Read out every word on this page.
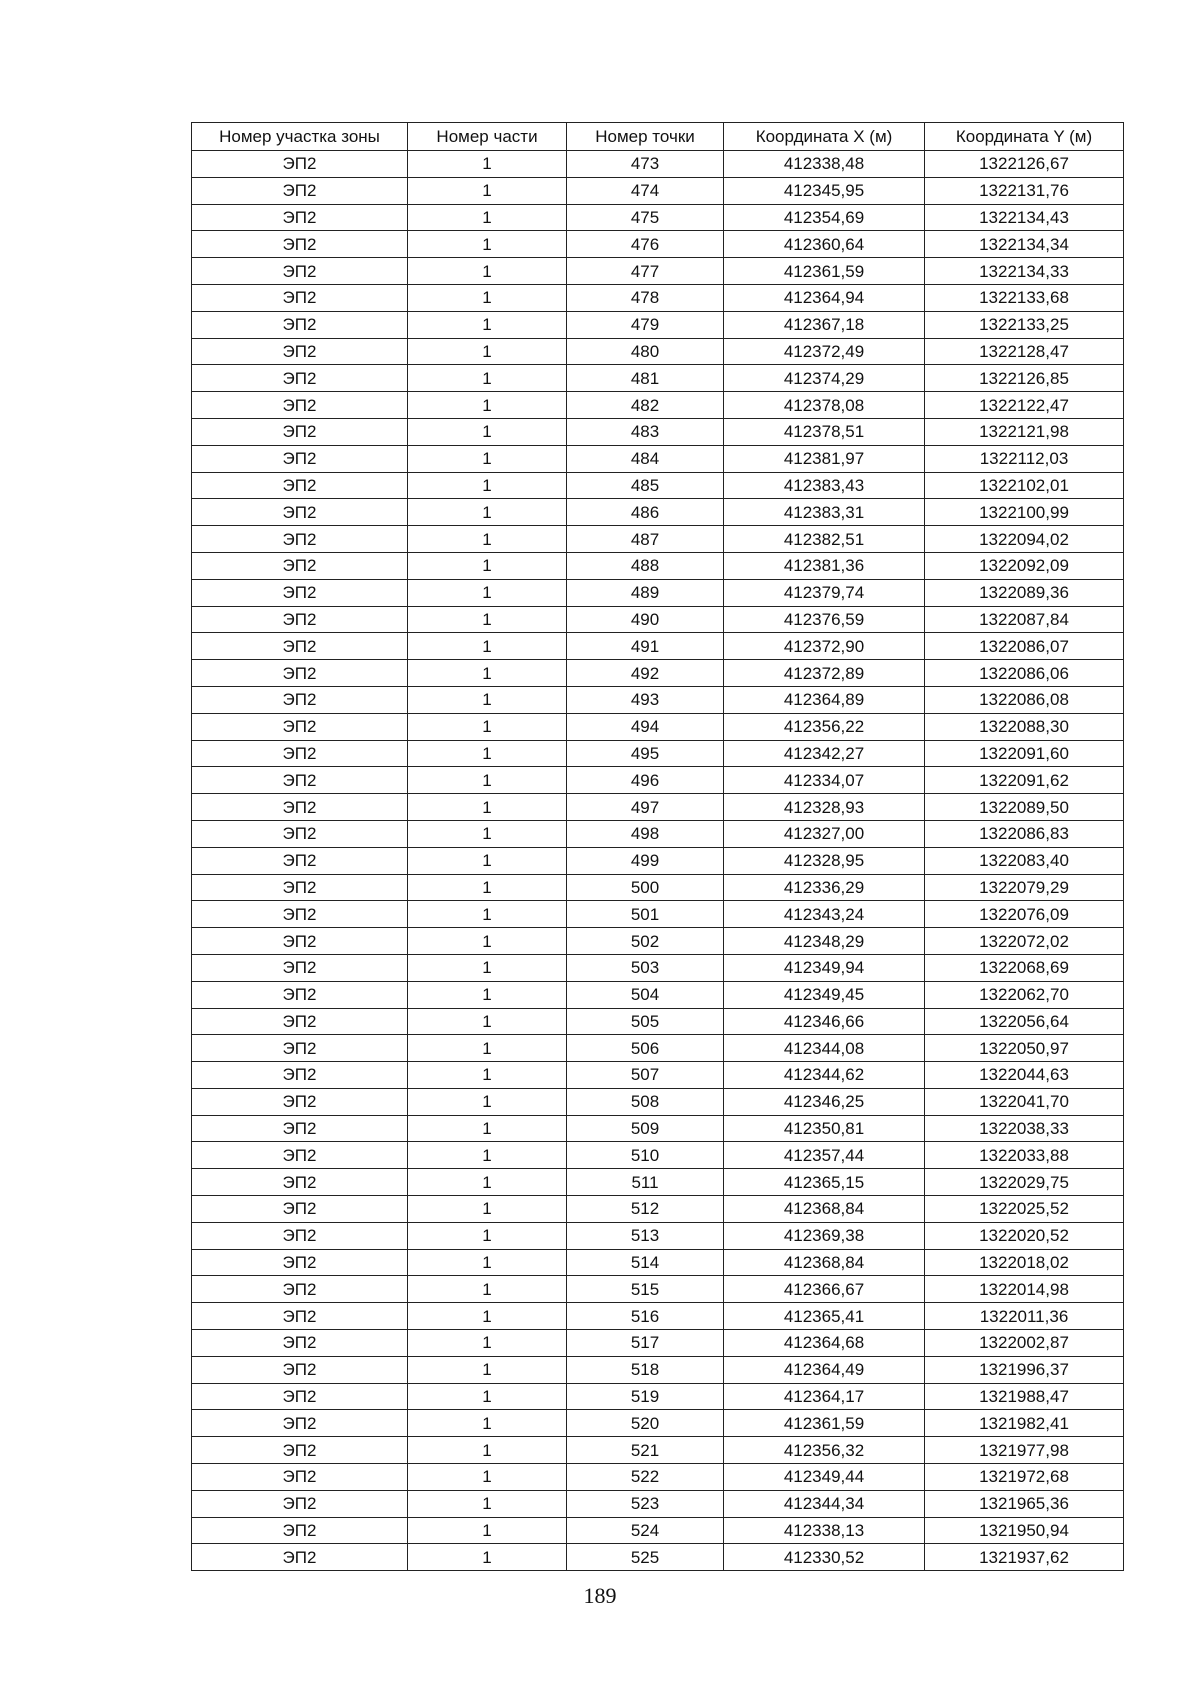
Номер участка зоны	Номер части	Номер точки	Координата X (м)	Координата Y (м)
ЭП2	1	473	412338,48	1322126,67
ЭП2	1	474	412345,95	1322131,76
ЭП2	1	475	412354,69	1322134,43
ЭП2	1	476	412360,64	1322134,34
ЭП2	1	477	412361,59	1322134,33
ЭП2	1	478	412364,94	1322133,68
ЭП2	1	479	412367,18	1322133,25
ЭП2	1	480	412372,49	1322128,47
ЭП2	1	481	412374,29	1322126,85
ЭП2	1	482	412378,08	1322122,47
ЭП2	1	483	412378,51	1322121,98
ЭП2	1	484	412381,97	1322112,03
ЭП2	1	485	412383,43	1322102,01
ЭП2	1	486	412383,31	1322100,99
ЭП2	1	487	412382,51	1322094,02
ЭП2	1	488	412381,36	1322092,09
ЭП2	1	489	412379,74	1322089,36
ЭП2	1	490	412376,59	1322087,84
ЭП2	1	491	412372,90	1322086,07
ЭП2	1	492	412372,89	1322086,06
ЭП2	1	493	412364,89	1322086,08
ЭП2	1	494	412356,22	1322088,30
ЭП2	1	495	412342,27	1322091,60
ЭП2	1	496	412334,07	1322091,62
ЭП2	1	497	412328,93	1322089,50
ЭП2	1	498	412327,00	1322086,83
ЭП2	1	499	412328,95	1322083,40
ЭП2	1	500	412336,29	1322079,29
ЭП2	1	501	412343,24	1322076,09
ЭП2	1	502	412348,29	1322072,02
ЭП2	1	503	412349,94	1322068,69
ЭП2	1	504	412349,45	1322062,70
ЭП2	1	505	412346,66	1322056,64
ЭП2	1	506	412344,08	1322050,97
ЭП2	1	507	412344,62	1322044,63
ЭП2	1	508	412346,25	1322041,70
ЭП2	1	509	412350,81	1322038,33
ЭП2	1	510	412357,44	1322033,88
ЭП2	1	511	412365,15	1322029,75
ЭП2	1	512	412368,84	1322025,52
ЭП2	1	513	412369,38	1322020,52
ЭП2	1	514	412368,84	1322018,02
ЭП2	1	515	412366,67	1322014,98
ЭП2	1	516	412365,41	1322011,36
ЭП2	1	517	412364,68	1322002,87
ЭП2	1	518	412364,49	1321996,37
ЭП2	1	519	412364,17	1321988,47
ЭП2	1	520	412361,59	1321982,41
ЭП2	1	521	412356,32	1321977,98
ЭП2	1	522	412349,44	1321972,68
ЭП2	1	523	412344,34	1321965,36
ЭП2	1	524	412338,13	1321950,94
ЭП2	1	525	412330,52	1321937,62
189
